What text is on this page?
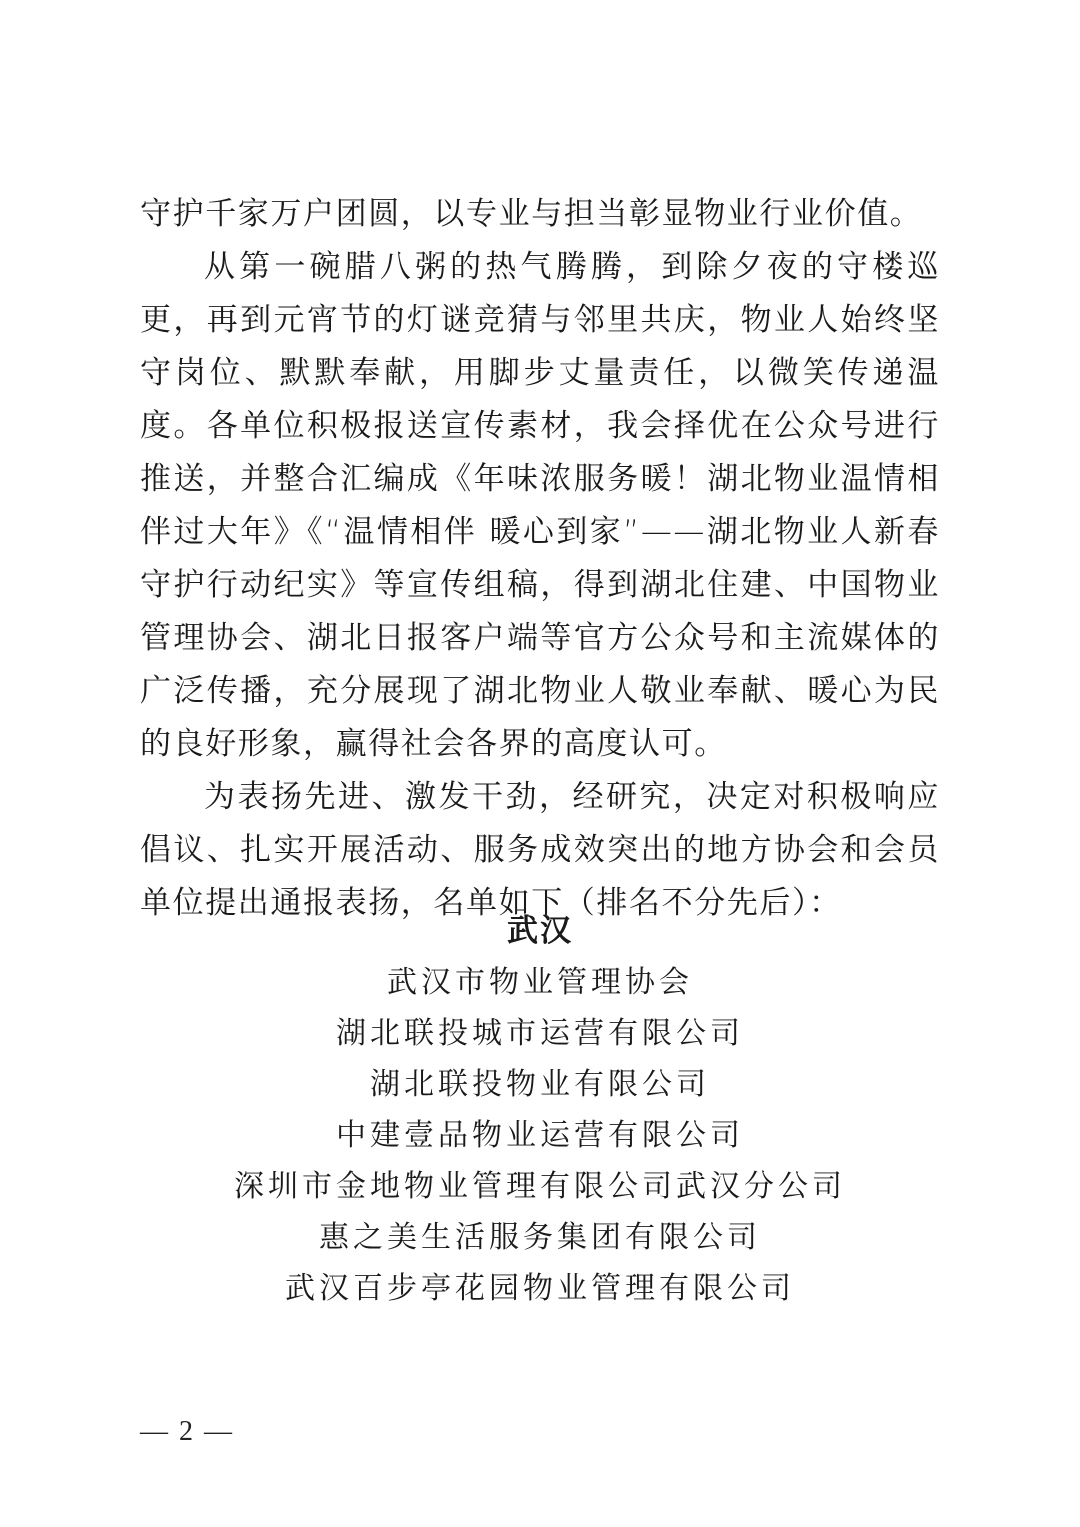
守护千家万户团圆，以专业与担当彰显物业行业价值。

从第一碗腊八粥的热气腾腾，到除夕夜的守楼巡更，再到元宵节的灯谜竞猜与邻里共庆，物业人始终坚守岗位、默默奉献，用脚步丈量责任，以微笑传递温度。各单位积极报送宣传素材，我会择优在公众号进行推送，并整合汇编成《年味浓服务暖！湖北物业温情相伴过大年》《“温情相伴 暖心到家”——湖北物业人新春守护行动纪实》等宣传组稿，得到湖北住建、中国物业管理协会、湖北日报客户端等官方公众号和主流媒体的广泛传播，充分展现了湖北物业人敬业奉献、暖心为民的良好形象，赢得社会各界的高度认可。

为表扬先进、激发干劲，经研究，决定对积极响应倡议、扎实开展活动、服务成效突出的地方协会和会员单位提出通报表扬，名单如下（排名不分先后）：

武汉

武汉市物业管理协会

湖北联投城市运营有限公司

湖北联投物业有限公司

中建壹品物业运营有限公司

深圳市金地物业管理有限公司武汉分公司

惠之美生活服务集团有限公司

武汉百步亭花园物业管理有限公司

— 2 —
